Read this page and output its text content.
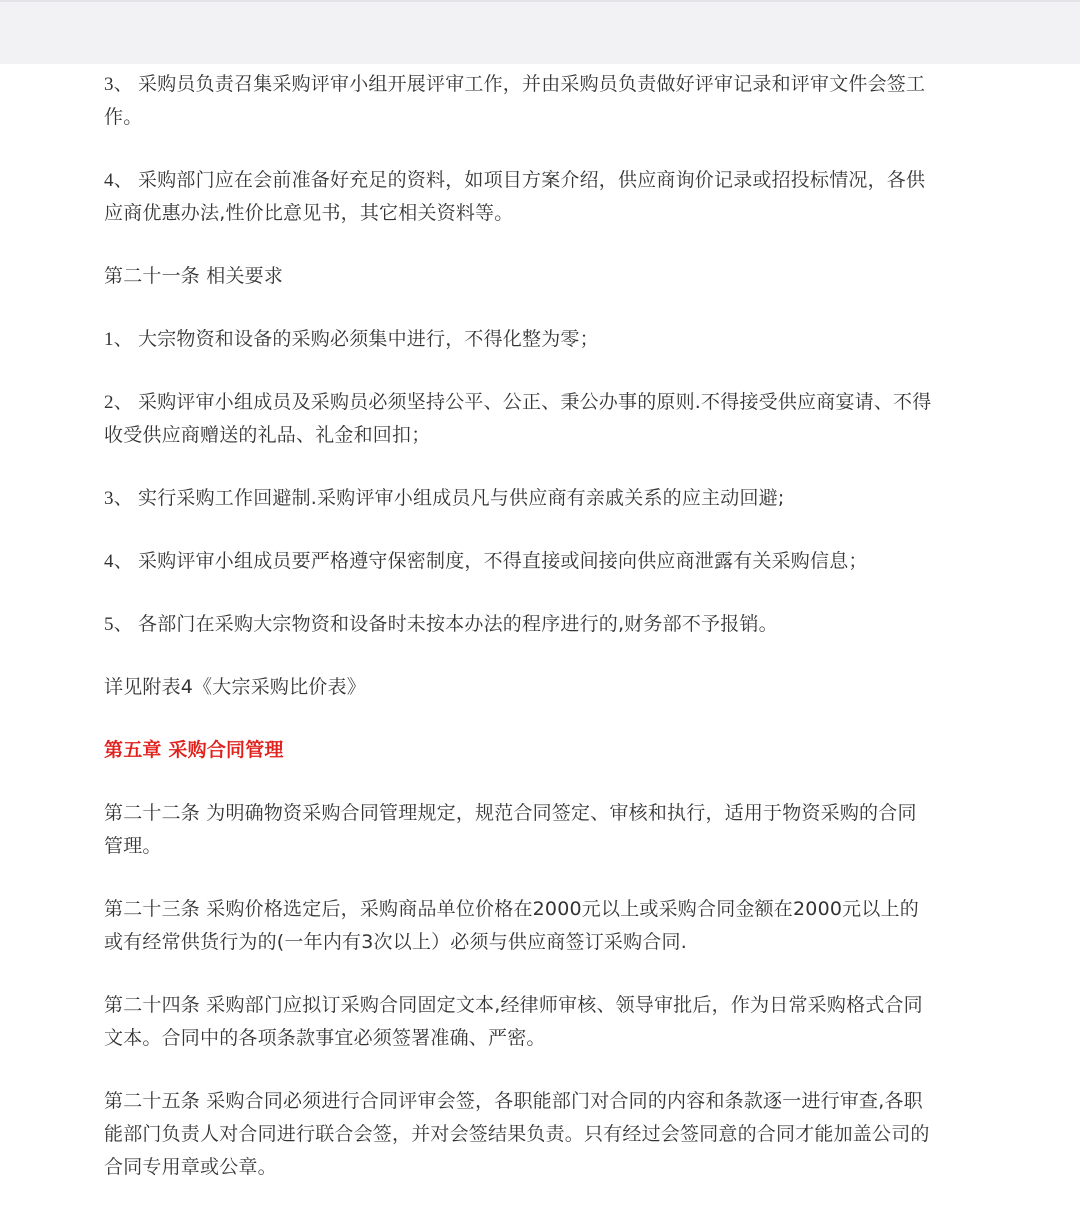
3、 采购员负责召集采购评审小组开展评审工作，并由采购员负责做好评审记录和评审文件会签工作。

4、 采购部门应在会前准备好充足的资料，如项目方案介绍，供应商询价记录或招投标情况，各供应商优惠办法,性价比意见书，其它相关资料等。

第二十一条 相关要求

1、 大宗物资和设备的采购必须集中进行，不得化整为零；

2、 采购评审小组成员及采购员必须坚持公平、公正、秉公办事的原则.不得接受供应商宴请、不得收受供应商赠送的礼品、礼金和回扣；

3、 实行采购工作回避制.采购评审小组成员凡与供应商有亲戚关系的应主动回避;

4、 采购评审小组成员要严格遵守保密制度，不得直接或间接向供应商泄露有关采购信息；

5、 各部门在采购大宗物资和设备时未按本办法的程序进行的,财务部不予报销。

详见附表4《大宗采购比价表》

第五章 采购合同管理

第二十二条 为明确物资采购合同管理规定，规范合同签定、审核和执行，适用于物资采购的合同管理。

第二十三条 采购价格选定后，采购商品单位价格在2000元以上或采购合同金额在2000元以上的或有经常供货行为的(一年内有3次以上）必须与供应商签订采购合同.

第二十四条 采购部门应拟订采购合同固定文本,经律师审核、领导审批后，作为日常采购格式合同文本。合同中的各项条款事宜必须签署准确、严密。

第二十五条 采购合同必须进行合同评审会签，各职能部门对合同的内容和条款逐一进行审查,各职能部门负责人对合同进行联合会签，并对会签结果负责。只有经过会签同意的合同才能加盖公司的合同专用章或公章。
